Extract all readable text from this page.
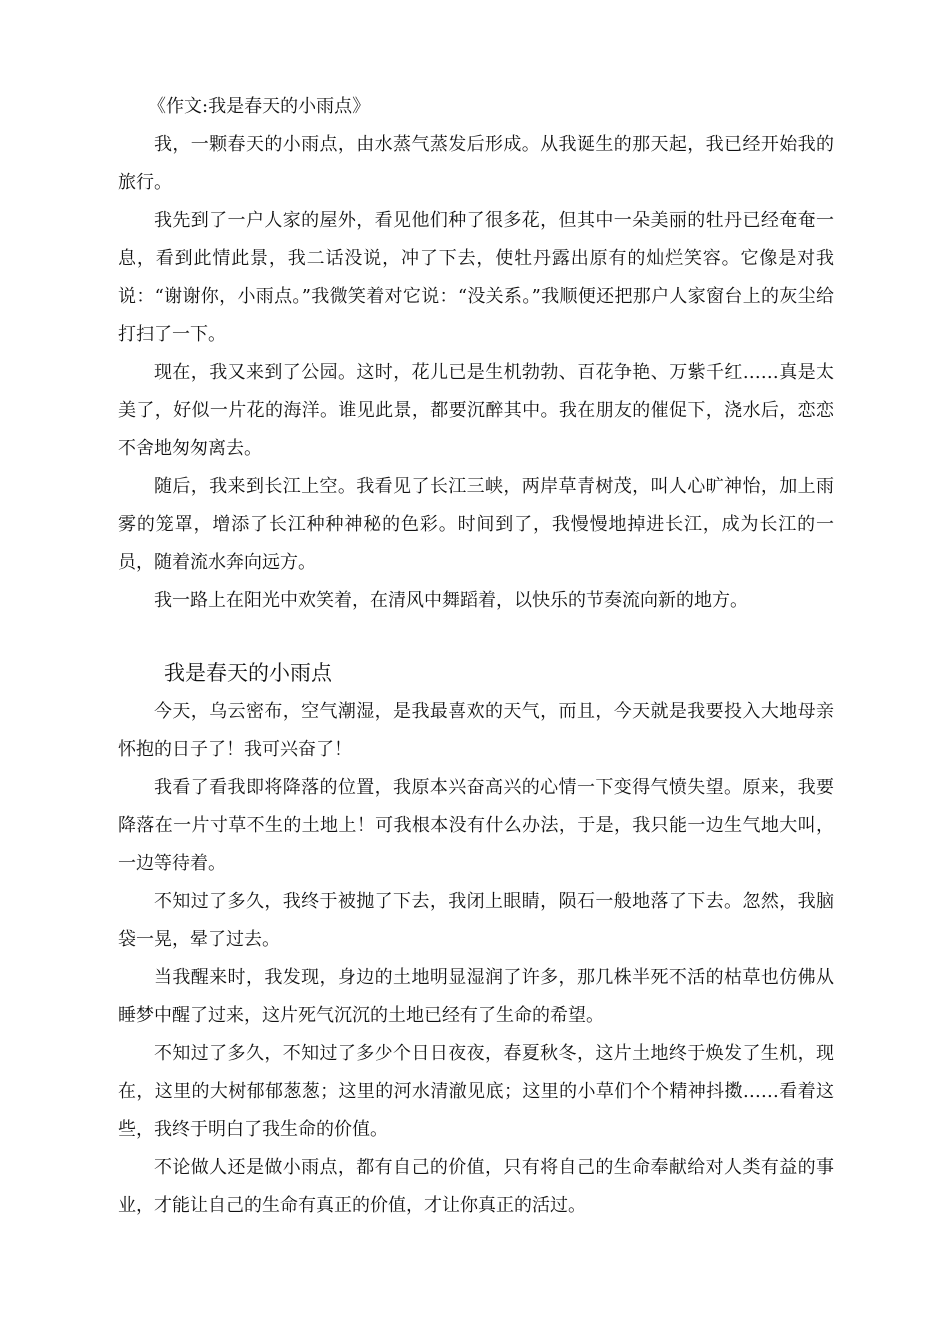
《作文:我是春天的小雨点》

我，一颗春天的小雨点，由水蒸气蒸发后形成。从我诞生的那天起，我已经开始我的旅行。

我先到了一户人家的屋外，看见他们种了很多花，但其中一朵美丽的牡丹已经奄奄一息，看到此情此景，我二话没说，冲了下去，使牡丹露出原有的灿烂笑容。它像是对我说：“谢谢你，小雨点。”我微笑着对它说：“没关系。”我顺便还把那户人家窗台上的灰尘给打扫了一下。

现在，我又来到了公园。这时，花儿已是生机勃勃、百花争艳、万紫千红……真是太美了，好似一片花的海洋。谁见此景，都要沉醉其中。我在朋友的催促下，浇水后，恋恋不舍地匆匆离去。

随后，我来到长江上空。我看见了长江三峡，两岸草青树茂，叫人心旷神怡，加上雨雾的笼罩，增添了长江种种神秘的色彩。时间到了，我慢慢地掉进长江，成为长江的一员，随着流水奔向远方。

我一路上在阳光中欢笑着，在清风中舞蹈着，以快乐的节奏流向新的地方。

我是春天的小雨点

今天，乌云密布，空气潮湿，是我最喜欢的天气，而且，今天就是我要投入大地母亲怀抱的日子了！我可兴奋了！

我看了看我即将降落的位置，我原本兴奋高兴的心情一下变得气愤失望。原来，我要降落在一片寸草不生的土地上！可我根本没有什么办法，于是，我只能一边生气地大叫，一边等待着。

不知过了多久，我终于被抛了下去，我闭上眼睛，陨石一般地落了下去。忽然，我脑袋一晃，晕了过去。

当我醒来时，我发现，身边的土地明显湿润了许多，那几株半死不活的枯草也仿佛从睡梦中醒了过来，这片死气沉沉的土地已经有了生命的希望。

不知过了多久，不知过了多少个日日夜夜，春夏秋冬，这片土地终于焕发了生机，现在，这里的大树郁郁葱葱；这里的河水清澈见底；这里的小草们个个精神抖擞……看着这些，我终于明白了我生命的价值。

不论做人还是做小雨点，都有自己的价值，只有将自己的生命奉献给对人类有益的事业，才能让自己的生命有真正的价值，才让你真正的活过。
